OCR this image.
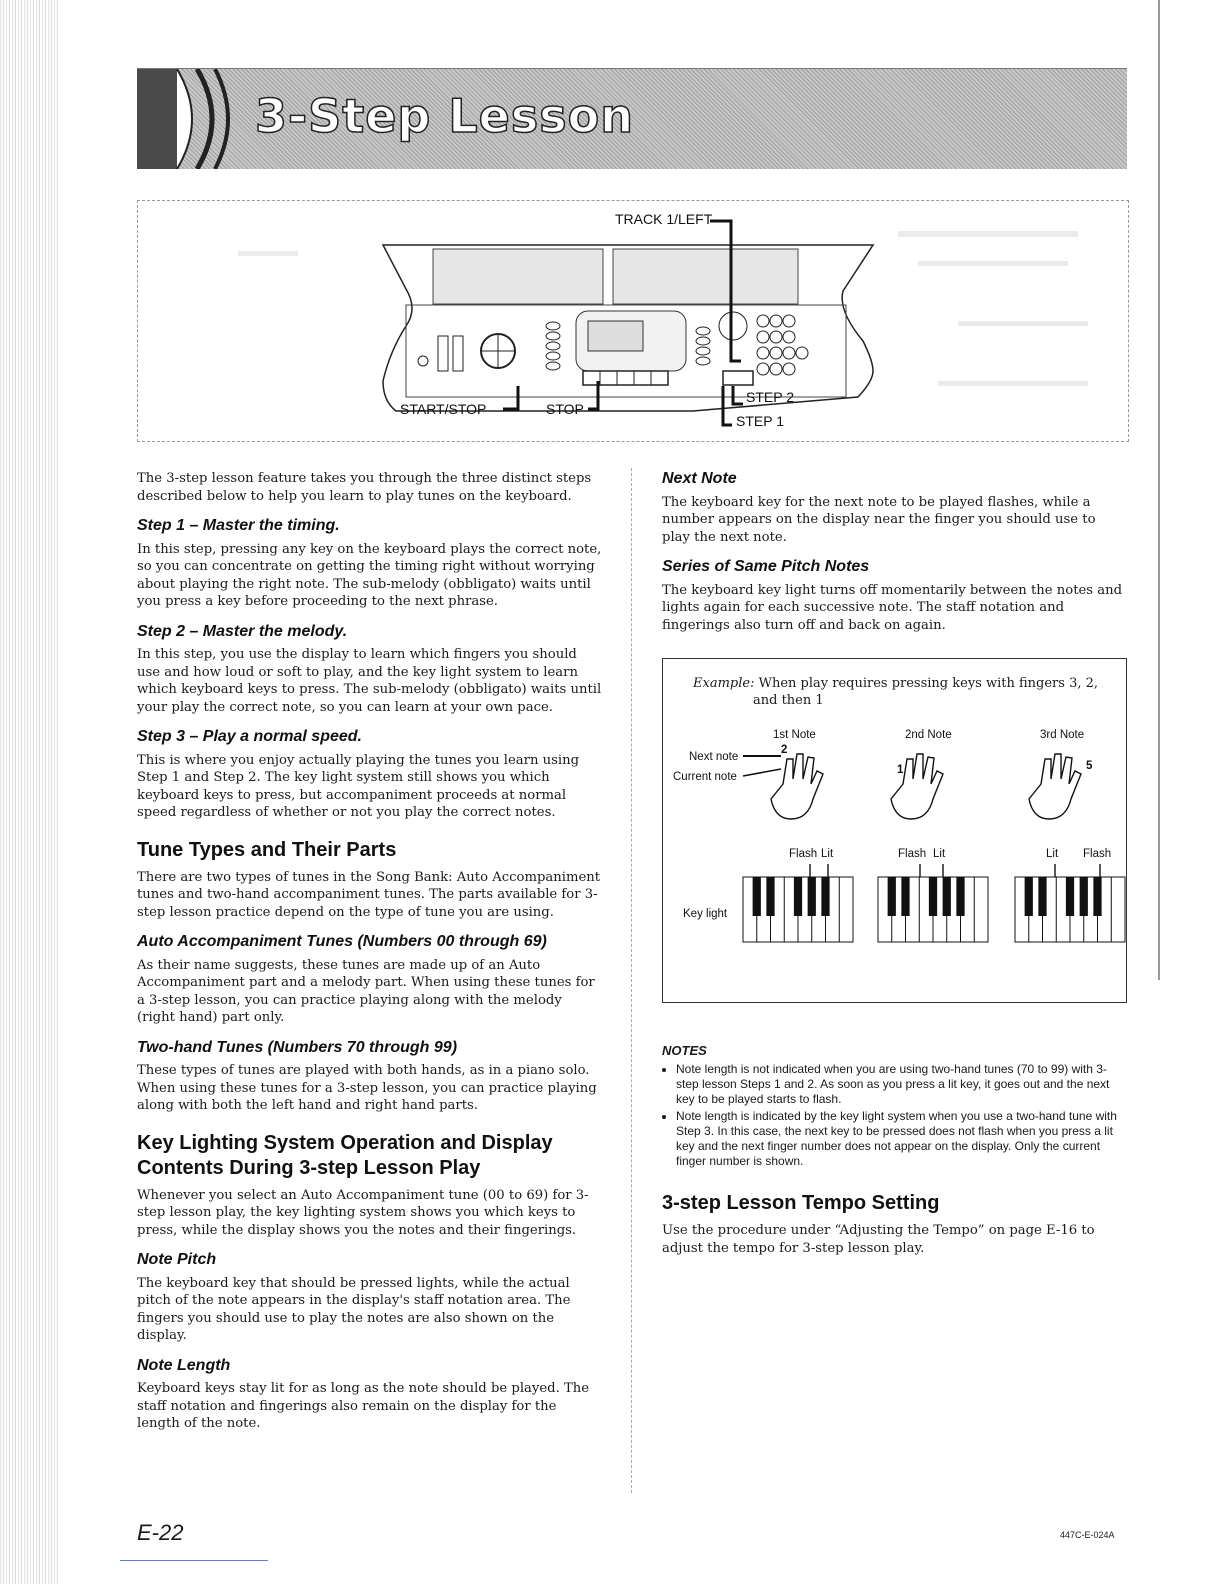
3-Step Lesson
TRACK 1/LEFT
START/STOP	STOP
STEP 2
STEP 1

The 3-step lesson feature takes you through the three distinct steps described below to help you learn to play tunes on the keyboard.

Step 1 – Master the timing.

In this step, pressing any key on the keyboard plays the correct note, so you can concentrate on getting the timing right without worrying about playing the right note. The sub-melody (obbligato) waits until you press a key before proceeding to the next phrase.

Step 2 – Master the melody.

In this step, you use the display to learn which fingers you should use and how loud or soft to play, and the key light system to learn which keyboard keys to press. The sub-melody (obbligato) waits until your play the correct note, so you can learn at your own pace.

Step 3 – Play a normal speed.

This is where you enjoy actually playing the tunes you learn using Step 1 and Step 2. The key light system still shows you which keyboard keys to press, but accompaniment proceeds at normal speed regardless of whether or not you play the correct notes.

Tune Types and Their Parts

There are two types of tunes in the Song Bank: Auto Accompaniment tunes and two-hand accompaniment tunes. The parts available for 3-step lesson practice depend on the type of tune you are using.

Auto Accompaniment Tunes (Numbers 00 through 69)

As their name suggests, these tunes are made up of an Auto Accompaniment part and a melody part. When using these tunes for a 3-step lesson, you can practice playing along with the melody (right hand) part only.

Two-hand Tunes (Numbers 70 through 99)

These types of tunes are played with both hands, as in a piano solo. When using these tunes for a 3-step lesson, you can practice playing along with both the left hand and right hand parts.

Key Lighting System Operation and Display Contents During 3-step Lesson Play

Whenever you select an Auto Accompaniment tune (00 to 69) for 3-step lesson play, the key lighting system shows you which keys to press, while the display shows you the notes and their fingerings.

Note Pitch

The keyboard key that should be pressed lights, while the actual pitch of the note appears in the display's staff notation area. The fingers you should use to play the notes are also shown on the display.

Note Length

Keyboard keys stay lit for as long as the note should be played. The staff notation and fingerings also remain on the display for the length of the note.

Next Note

The keyboard key for the next note to be played flashes, while a number appears on the display near the finger you should use to play the next note.

Series of Same Pitch Notes

The keyboard key light turns off momentarily between the notes and lights again for each successive note. The staff notation and fingerings also turn off and back on again.

Example: When play requires pressing keys with fingers 3, 2,
and then 1
1st Note	2nd Note	3rd Note
Next note
Current note
2
1	5
Flash Lit	Flash Lit	Lit Flash
Key light
NOTES
• Note length is not indicated when you are using two-hand tunes (70 to 99) with 3-step lesson Steps 1 and 2. As soon as you press a lit key, it goes out and the next key to be played starts to flash.
• Note length is indicated by the key light system when you use a two-hand tune with Step 3. In this case, the next key to be pressed does not flash when you press a lit key and the next finger number does not appear on the display. Only the current finger number is shown.
3-step Lesson Tempo Setting

Use the procedure under “Adjusting the Tempo” on page E-16 to adjust the tempo for 3-step lesson play.

E-22	447C-E-024A
